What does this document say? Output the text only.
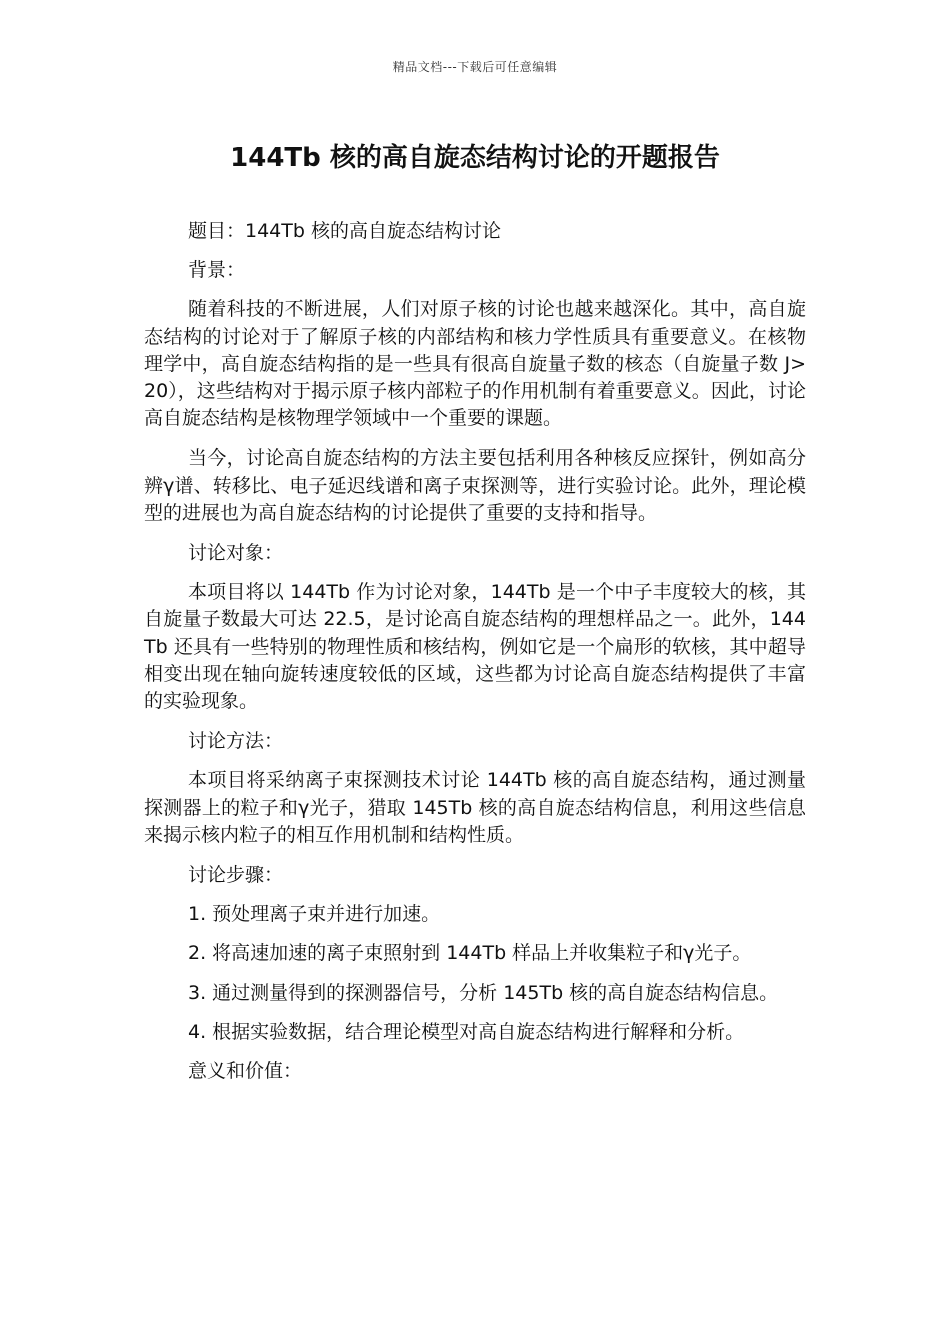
精品文档---下载后可任意编辑
144Tb 核的高自旋态结构讨论的开题报告

题目：144Tb 核的高自旋态结构讨论

背景：

随着科技的不断进展，人们对原子核的讨论也越来越深化。其中，高自旋态结构的讨论对于了解原子核的内部结构和核力学性质具有重要意义。在核物理学中，高自旋态结构指的是一些具有很高自旋量子数的核态（自旋量子数 J>20），这些结构对于揭示原子核内部粒子的作用机制有着重要意义。因此，讨论高自旋态结构是核物理学领域中一个重要的课题。

当今，讨论高自旋态结构的方法主要包括利用各种核反应探针，例如高分辨γ谱、转移比、电子延迟线谱和离子束探测等，进行实验讨论。此外，理论模型的进展也为高自旋态结构的讨论提供了重要的支持和指导。

讨论对象：

本项目将以 144Tb 作为讨论对象，144Tb 是一个中子丰度较大的核，其自旋量子数最大可达 22.5，是讨论高自旋态结构的理想样品之一。此外，144Tb 还具有一些特别的物理性质和核结构，例如它是一个扁形的软核，其中超导相变出现在轴向旋转速度较低的区域，这些都为讨论高自旋态结构提供了丰富的实验现象。

讨论方法：

本项目将采纳离子束探测技术讨论 144Tb 核的高自旋态结构，通过测量探测器上的粒子和γ光子，猎取 145Tb 核的高自旋态结构信息，利用这些信息来揭示核内粒子的相互作用机制和结构性质。

讨论步骤：

1. 预处理离子束并进行加速。

2. 将高速加速的离子束照射到 144Tb 样品上并收集粒子和γ光子。

3. 通过测量得到的探测器信号，分析 145Tb 核的高自旋态结构信息。

4. 根据实验数据，结合理论模型对高自旋态结构进行解释和分析。

意义和价值：
